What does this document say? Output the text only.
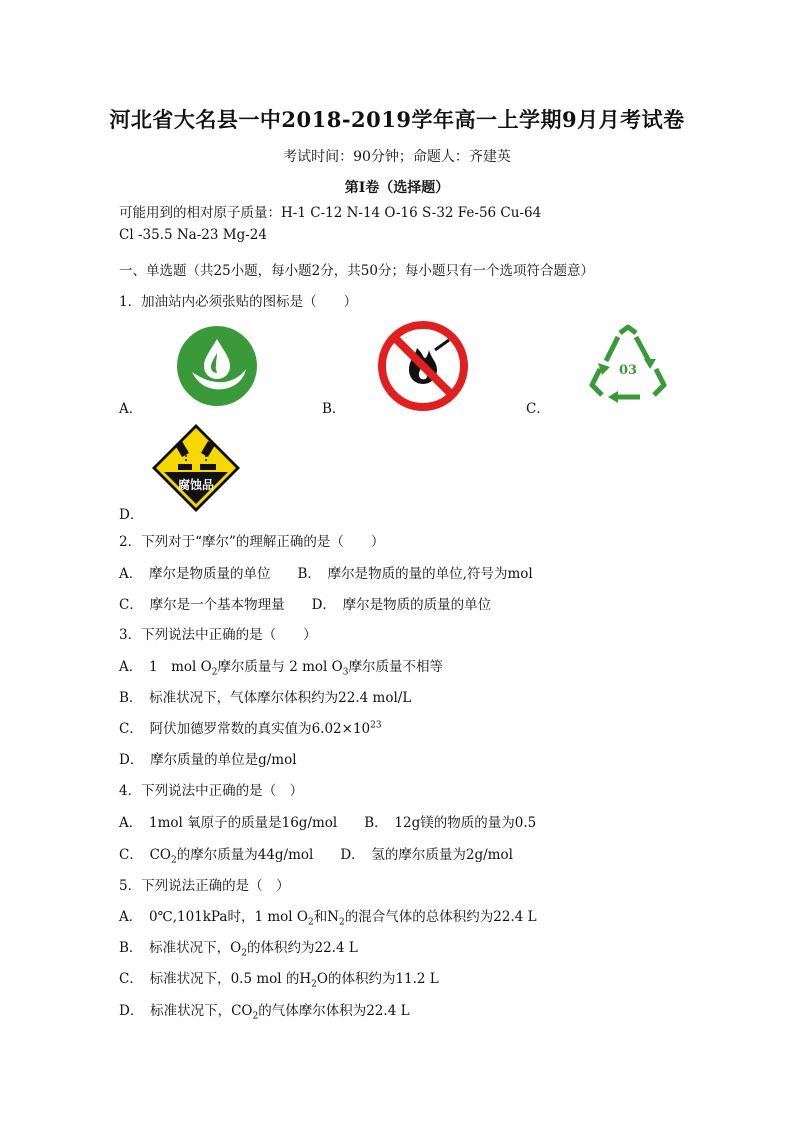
河北省大名县一中2018-2019学年高一上学期9月月考试卷
考试时间：90分钟；命题人：齐建英
第I卷（选择题）
可能用到的相对原子质量：H-1 C-12 N-14 O-16 S-32 Fe-56 Cu-64
Cl -35.5 Na-23 Mg-24
一、单选题（共25小题，每小题2分，共50分；每小题只有一个选项符合题意）
1．加油站内必须张贴的图标是（　　）
A．	B．	C．
03
D．
腐蚀品
2．下列对于“摩尔”的理解正确的是（　　）
A．　摩尔是物质量的单位　　B．　摩尔是物质的量的单位,符号为mol
C．　摩尔是一个基本物理量　　D．　摩尔是物质的质量的单位
3．下列说法中正确的是（　　）
A．　1　mol $O_2$摩尔质量与 2 mol $O_3$摩尔质量不相等
B．　标准状况下，气体摩尔体积约为22.4 mol/L
C．　阿伏加德罗常数的真实值为$6.02\times 10^{23}$
D．　摩尔质量的单位是g/mol
4．下列说法中正确的是（　）
A．　1mol 氧原子的质量是16g/mol　　B．　12g镁的物质的量为0.5
C．　$CO_2$的摩尔质量为44g/mol　　D．　氢的摩尔质量为2g/mol
5．下列说法正确的是（　）
A．　0℃,101kPa时，1 mol $O_2$和$N_2$的混合气体的总体积约为22.4 L
B．　标准状况下，$O_2$的体积约为22.4 L
C．　标准状况下，0.5 mol 的$H_2O$的体积约为11.2 L
D．　标准状况下，$CO_2$的气体摩尔体积为22.4 L
